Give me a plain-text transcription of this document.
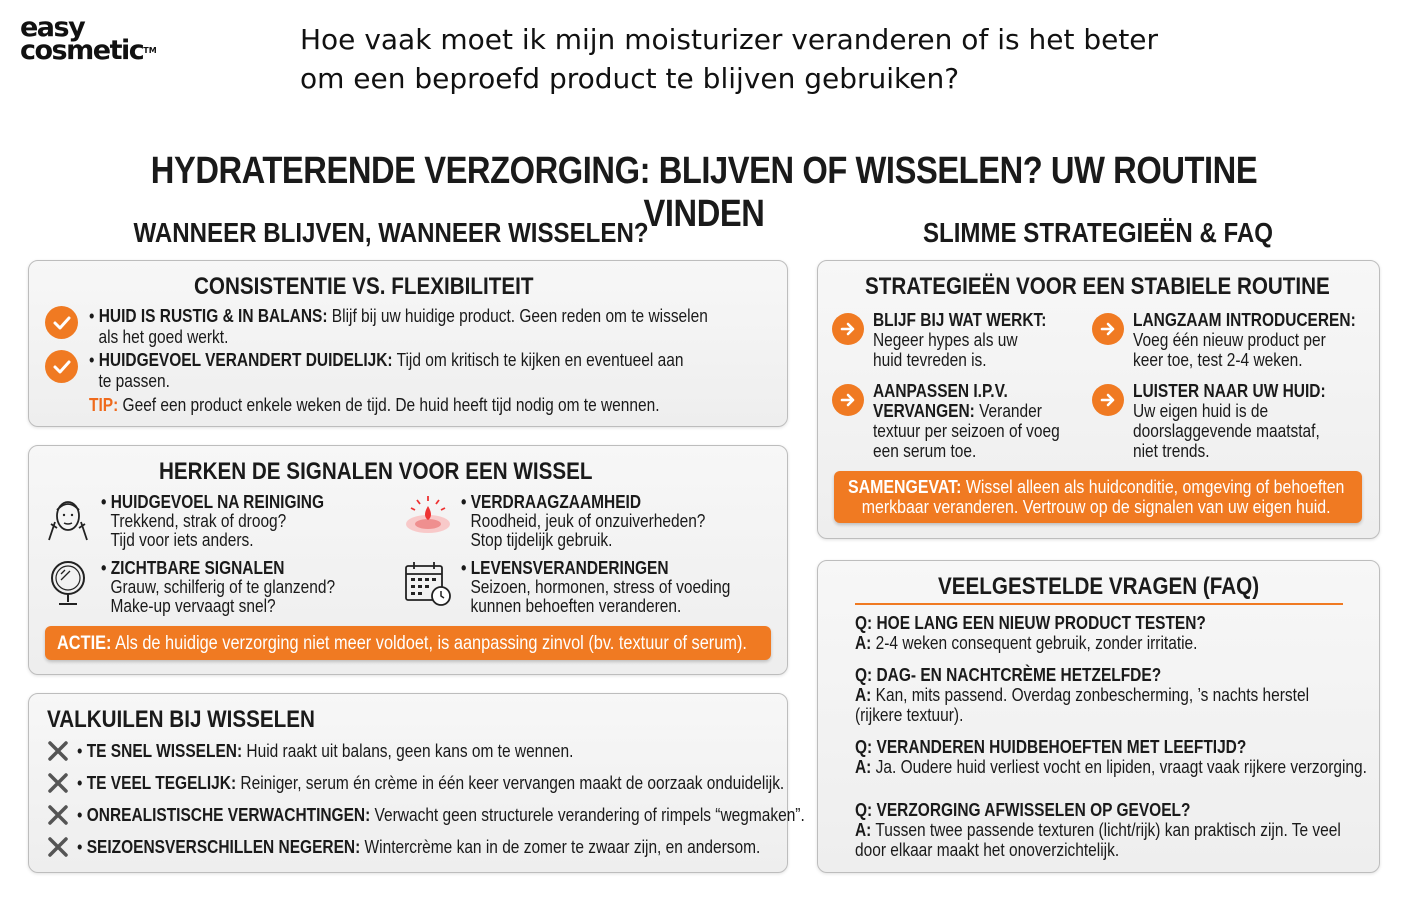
easy
cosmetic™	Hoe vaak moet ik mijn moisturizer veranderen of is het beter om een beproefd product te blijven gebruiken?
HYDRATERENDE VERZORGING: BLIJVEN OF WISSELEN? UW ROUTINE VINDEN
WANNEER BLIJVEN, WANNEER WISSELEN?	SLIMME STRATEGIEËN & FAQ
CONSISTENTIE VS. FLEXIBILITEIT
• HUID IS RUSTIG & IN BALANS: Blijf bij uw huidige product. Geen reden om te wisselen
als het goed werkt.
• HUIDGEVOEL VERANDERT DUIDELIJK: Tijd om kritisch te kijken en eventueel aan
te passen.
TIP: Geef een product enkele weken de tijd. De huid heeft tijd nodig om te wennen.
HERKEN DE SIGNALEN VOOR EEN WISSEL
• HUIDGEVOEL NA REINIGING
Trekkend, strak of droog?
Tijd voor iets anders.
• VERDRAAGZAAMHEID
Roodheid, jeuk of onzuiverheden?
Stop tijdelijk gebruik.
• ZICHTBARE SIGNALEN
Grauw, schilferig of te glanzend?
Make-up vervaagt snel?
• LEVENSVERANDERINGEN
Seizoen, hormonen, stress of voeding
kunnen behoeften veranderen.
ACTIE: Als de huidige verzorging niet meer voldoet, is aanpassing zinvol (bv. textuur of serum).
VALKUILEN BIJ WISSELEN
• TE SNEL WISSELEN: Huid raakt uit balans, geen kans om te wennen.
• TE VEEL TEGELIJK: Reiniger, serum én crème in één keer vervangen maakt de oorzaak onduidelijk.
• ONREALISTISCHE VERWACHTINGEN: Verwacht geen structurele verandering of rimpels “wegmaken”.
• SEIZOENSVERSCHILLEN NEGEREN: Wintercrème kan in de zomer te zwaar zijn, en andersom.
STRATEGIEËN VOOR EEN STABIELE ROUTINE
BLIJF BIJ WAT WERKT:
Negeer hypes als uw
huid tevreden is.
LANGZAAM INTRODUCEREN:
Voeg één nieuw product per
keer toe, test 2-4 weken.
AANPASSEN I.P.V.
VERVANGEN: Verander
textuur per seizoen of voeg
een serum toe.
LUISTER NAAR UW HUID:
Uw eigen huid is de
doorslaggevende maatstaf,
niet trends.
SAMENGEVAT: Wissel alleen als huidconditie, omgeving of behoeften
merkbaar veranderen. Vertrouw op de signalen van uw eigen huid.
VEELGESTELDE VRAGEN (FAQ)
Q: HOE LANG EEN NIEUW PRODUCT TESTEN?
A: 2-4 weken consequent gebruik, zonder irritatie.
Q: DAG- EN NACHTCRÈME HETZELFDE?
A: Kan, mits passend. Overdag zonbescherming, ’s nachts herstel
(rijkere textuur).
Q: VERANDEREN HUIDBEHOEFTEN MET LEEFTIJD?
A: Ja. Oudere huid verliest vocht en lipiden, vraagt vaak rijkere verzorging.
Q: VERZORGING AFWISSELEN OP GEVOEL?
A: Tussen twee passende texturen (licht/rijk) kan praktisch zijn. Te veel
door elkaar maakt het onoverzichtelijk.
